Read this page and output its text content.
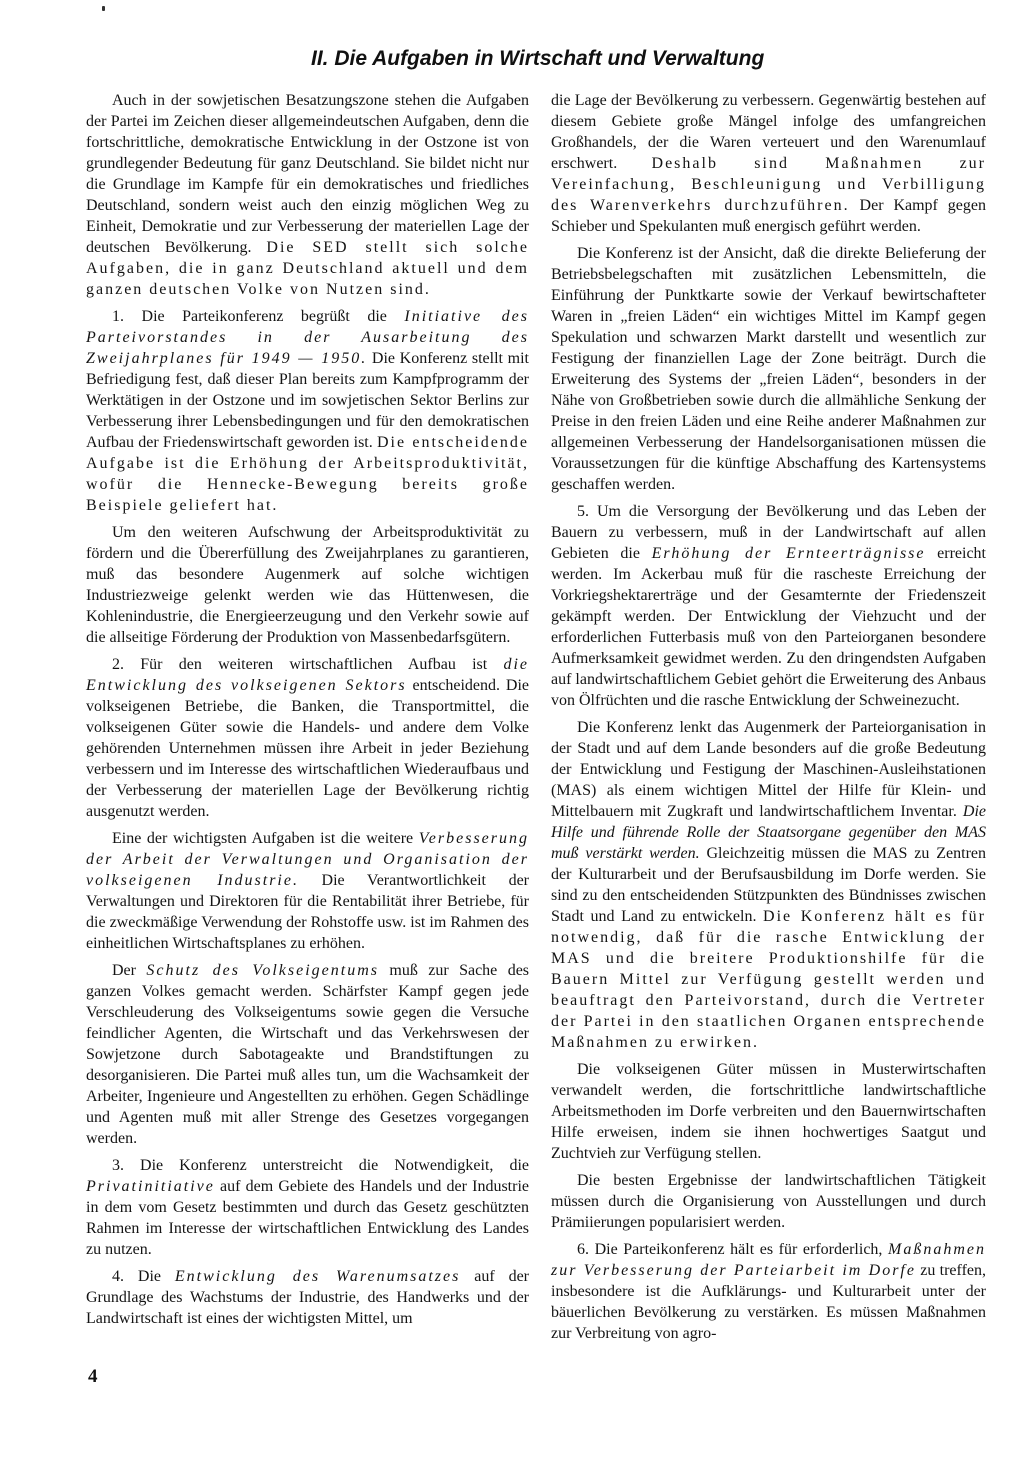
II. Die Aufgaben in Wirtschaft und Verwaltung

Auch in der sowjetischen Besatzungszone stehen die Aufgaben der Partei im Zeichen dieser allgemeindeutschen Aufgaben, denn die fortschrittliche, demokratische Entwicklung in der Ostzone ist von grundlegender Bedeutung für ganz Deutschland. Sie bildet nicht nur die Grundlage im Kampfe für ein demokratisches und friedliches Deutschland, sondern weist auch den einzig möglichen Weg zu Einheit, Demokratie und zur Verbesserung der materiellen Lage der deutschen Bevölkerung. Die SED stellt sich solche Aufgaben, die in ganz Deutschland aktuell und dem ganzen deutschen Volke von Nutzen sind.

1. Die Parteikonferenz begrüßt die Initiative des Parteivorstandes in der Ausarbeitung des Zweijahrplanes für 1949 — 1950. Die Konferenz stellt mit Befriedigung fest, daß dieser Plan bereits zum Kampfprogramm der Werktätigen in der Ostzone und im sowjetischen Sektor Berlins zur Verbesserung ihrer Lebensbedingungen und für den demokratischen Aufbau der Friedenswirtschaft geworden ist. Die entscheidende Aufgabe ist die Erhöhung der Arbeitsproduktivität, wofür die Hennecke-Bewegung bereits große Beispiele geliefert hat.

Um den weiteren Aufschwung der Arbeitsproduktivität zu fördern und die Übererfüllung des Zweijahrplanes zu garantieren, muß das besondere Augenmerk auf solche wichtigen Industriezweige gelenkt werden wie das Hüttenwesen, die Kohlenindustrie, die Energieerzeugung und den Verkehr sowie auf die allseitige Förderung der Produktion von Massenbedarfsgütern.

2. Für den weiteren wirtschaftlichen Aufbau ist die Entwicklung des volkseigenen Sektors entscheidend. Die volkseigenen Betriebe, die Banken, die Transportmittel, die volkseigenen Güter sowie die Handels- und andere dem Volke gehörenden Unternehmen müssen ihre Arbeit in jeder Beziehung verbessern und im Interesse des wirtschaftlichen Wiederaufbaus und der Verbesserung der materiellen Lage der Bevölkerung richtig ausgenutzt werden.

Eine der wichtigsten Aufgaben ist die weitere Verbesserung der Arbeit der Verwaltungen und Organisation der volkseigenen Industrie. Die Verantwortlichkeit der Verwaltungen und Direktoren für die Rentabilität ihrer Betriebe, für die zweckmäßige Verwendung der Rohstoffe usw. ist im Rahmen des einheitlichen Wirtschaftsplanes zu erhöhen.

Der Schutz des Volkseigentums muß zur Sache des ganzen Volkes gemacht werden. Schärfster Kampf gegen jede Verschleuderung des Volkseigentums sowie gegen die Versuche feindlicher Agenten, die Wirtschaft und das Verkehrswesen der Sowjetzone durch Sabotageakte und Brandstiftungen zu desorganisieren. Die Partei muß alles tun, um die Wachsamkeit der Arbeiter, Ingenieure und Angestellten zu erhöhen. Gegen Schädlinge und Agenten muß mit aller Strenge des Gesetzes vorgegangen werden.

3. Die Konferenz unterstreicht die Notwendigkeit, die Privatinitiative auf dem Gebiete des Handels und der Industrie in dem vom Gesetz bestimmten und durch das Gesetz geschützten Rahmen im Interesse der wirtschaftlichen Entwicklung des Landes zu nutzen.

4. Die Entwicklung des Warenumsatzes auf der Grundlage des Wachstums der Industrie, des Handwerks und der Landwirtschaft ist eines der wichtigsten Mittel, um

die Lage der Bevölkerung zu verbessern. Gegenwärtig bestehen auf diesem Gebiete große Mängel infolge des umfangreichen Großhandels, der die Waren verteuert und den Warenumlauf erschwert. Deshalb sind Maßnahmen zur Vereinfachung, Beschleunigung und Verbilligung des Warenverkehrs durchzuführen. Der Kampf gegen Schieber und Spekulanten muß energisch geführt werden.

Die Konferenz ist der Ansicht, daß die direkte Belieferung der Betriebsbelegschaften mit zusätzlichen Lebensmitteln, die Einführung der Punktkarte sowie der Verkauf bewirtschafteter Waren in „freien Läden“ ein wichtiges Mittel im Kampf gegen Spekulation und schwarzen Markt darstellt und wesentlich zur Festigung der finanziellen Lage der Zone beiträgt. Durch die Erweiterung des Systems der „freien Läden“, besonders in der Nähe von Großbetrieben sowie durch die allmähliche Senkung der Preise in den freien Läden und eine Reihe anderer Maßnahmen zur allgemeinen Verbesserung der Handelsorganisationen müssen die Voraussetzungen für die künftige Abschaffung des Kartensystems geschaffen werden.

5. Um die Versorgung der Bevölkerung und das Leben der Bauern zu verbessern, muß in der Landwirtschaft auf allen Gebieten die Erhöhung der Ernteerträgnisse erreicht werden. Im Ackerbau muß für die rascheste Erreichung der Vorkriegshektarerträge und der Gesamternte der Friedenszeit gekämpft werden. Der Entwicklung der Viehzucht und der erforderlichen Futterbasis muß von den Parteiorganen besondere Aufmerksamkeit gewidmet werden. Zu den dringendsten Aufgaben auf landwirtschaftlichem Gebiet gehört die Erweiterung des Anbaus von Ölfrüchten und die rasche Entwicklung der Schweinezucht.

Die Konferenz lenkt das Augenmerk der Parteiorganisation in der Stadt und auf dem Lande besonders auf die große Bedeutung der Entwicklung und Festigung der Maschinen-Ausleihstationen (MAS) als einem wichtigen Mittel der Hilfe für Klein- und Mittelbauern mit Zugkraft und landwirtschaftlichem Inventar. Die Hilfe und führende Rolle der Staatsorgane gegenüber den MAS muß verstärkt werden. Gleichzeitig müssen die MAS zu Zentren der Kulturarbeit und der Berufsausbildung im Dorfe werden. Sie sind zu den entscheidenden Stützpunkten des Bündnisses zwischen Stadt und Land zu entwickeln. Die Konferenz hält es für notwendig, daß für die rasche Entwicklung der MAS und die breitere Produktionshilfe für die Bauern Mittel zur Verfügung gestellt werden und beauftragt den Parteivorstand, durch die Vertreter der Partei in den staatlichen Organen entsprechende Maßnahmen zu erwirken.

Die volkseigenen Güter müssen in Musterwirtschaften verwandelt werden, die fortschrittliche landwirtschaftliche Arbeitsmethoden im Dorfe verbreiten und den Bauernwirtschaften Hilfe erweisen, indem sie ihnen hochwertiges Saatgut und Zuchtvieh zur Verfügung stellen.

Die besten Ergebnisse der landwirtschaftlichen Tätigkeit müssen durch die Organisierung von Ausstellungen und durch Prämiierungen popularisiert werden.

6. Die Parteikonferenz hält es für erforderlich, Maßnahmen zur Verbesserung der Parteiarbeit im Dorfe zu treffen, insbesondere ist die Aufklärungs- und Kulturarbeit unter der bäuerlichen Bevölkerung zu verstärken. Es müssen Maßnahmen zur Verbreitung von agro-

4
